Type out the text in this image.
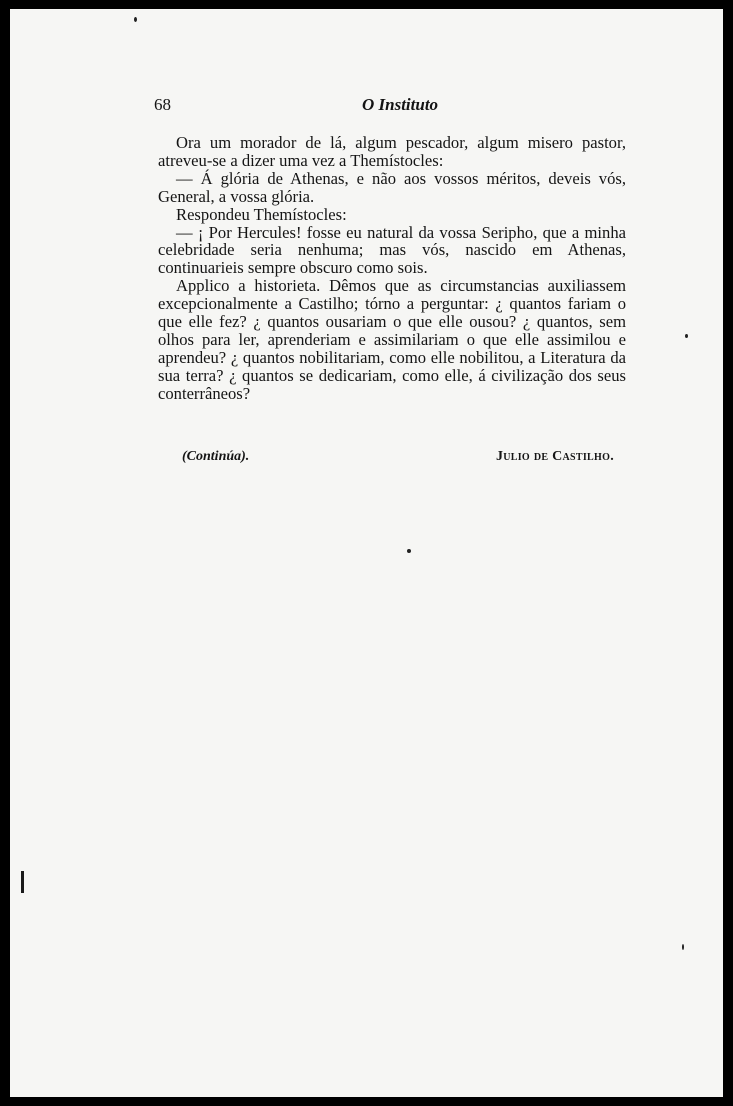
68	O Instituto

Ora um morador de lá, algum pescador, algum misero pastor, atreveu-se a dizer uma vez a Themístocles:

— Á glória de Athenas, e não aos vossos méritos, deveis vós, General, a vossa glória.

Respondeu Themístocles:

— ¡ Por Hercules! fosse eu natural da vossa Seripho, que a minha celebridade seria nenhuma; mas vós, nascido em Athenas, continuarieis sempre obscuro como sois.

Applico a historieta. Dêmos que as circumstancias auxiliassem excepcionalmente a Castilho; tórno a perguntar: ¿ quantos fariam o que elle fez? ¿ quantos ousariam o que elle ousou? ¿ quantos, sem olhos para ler, aprenderiam e assimilariam o que elle assimilou e aprendeu? ¿ quantos nobilitariam, como elle nobilitou, a Literatura da sua terra? ¿ quantos se dedicariam, como elle, á civilização dos seus conterrâneos?

(Continúa).	Julio de Castilho.
